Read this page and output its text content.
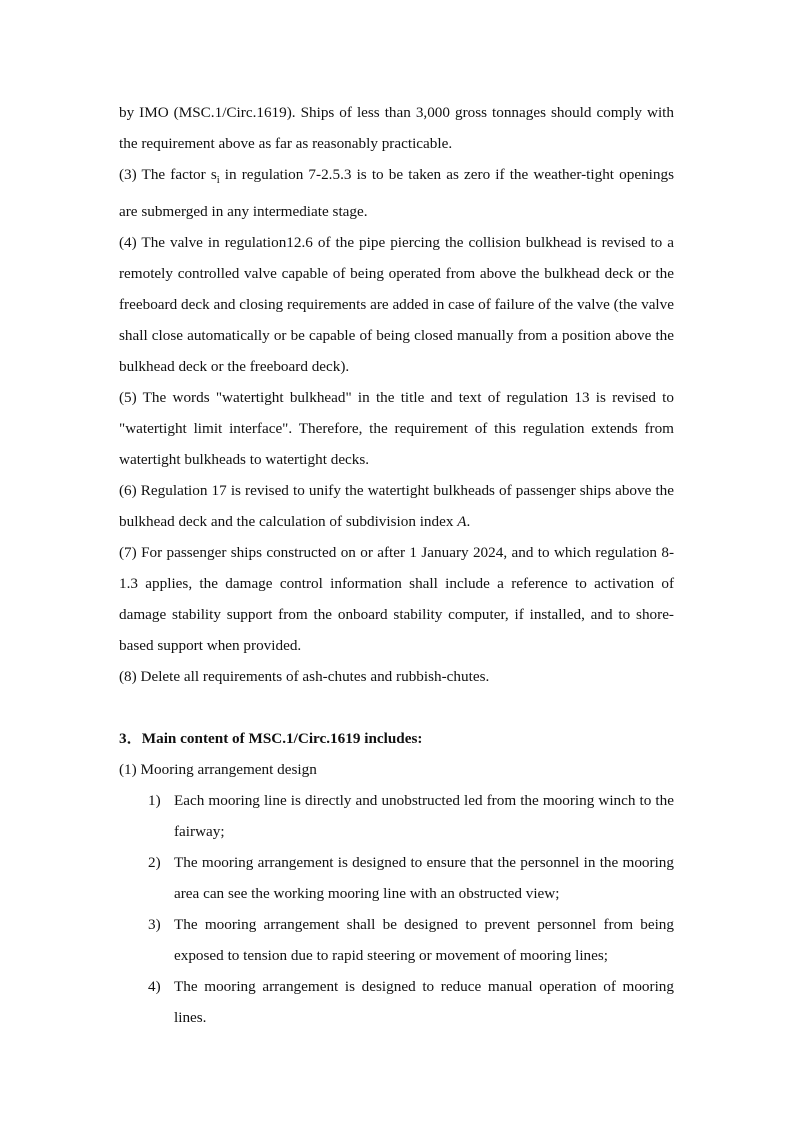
by IMO (MSC.1/Circ.1619). Ships of less than 3,000 gross tonnages should comply with the requirement above as far as reasonably practicable.

(3) The factor $s_i$ in regulation 7-2.5.3 is to be taken as zero if the weather-tight openings are submerged in any intermediate stage.

(4) The valve in regulation12.6 of the pipe piercing the collision bulkhead is revised to a remotely controlled valve capable of being operated from above the bulkhead deck or the freeboard deck and closing requirements are added in case of failure of the valve (the valve shall close automatically or be capable of being closed manually from a position above the bulkhead deck or the freeboard deck).

(5) The words "watertight bulkhead" in the title and text of regulation 13 is revised to "watertight limit interface". Therefore, the requirement of this regulation extends from watertight bulkheads to watertight decks.

(6) Regulation 17 is revised to unify the watertight bulkheads of passenger ships above the bulkhead deck and the calculation of subdivision index A.

(7) For passenger ships constructed on or after 1 January 2024, and to which regulation 8-1.3 applies, the damage control information shall include a reference to activation of damage stability support from the onboard stability computer, if installed, and to shore-based support when provided.

(8) Delete all requirements of ash-chutes and rubbish-chutes.

3．Main content of MSC.1/Circ.1619 includes:

(1) Mooring arrangement design

1) Each mooring line is directly and unobstructed led from the mooring winch to the fairway;
2) The mooring arrangement is designed to ensure that the personnel in the mooring area can see the working mooring line with an obstructed view;
3) The mooring arrangement shall be designed to prevent personnel from being exposed to tension due to rapid steering or movement of mooring lines;
4) The mooring arrangement is designed to reduce manual operation of mooring lines.
